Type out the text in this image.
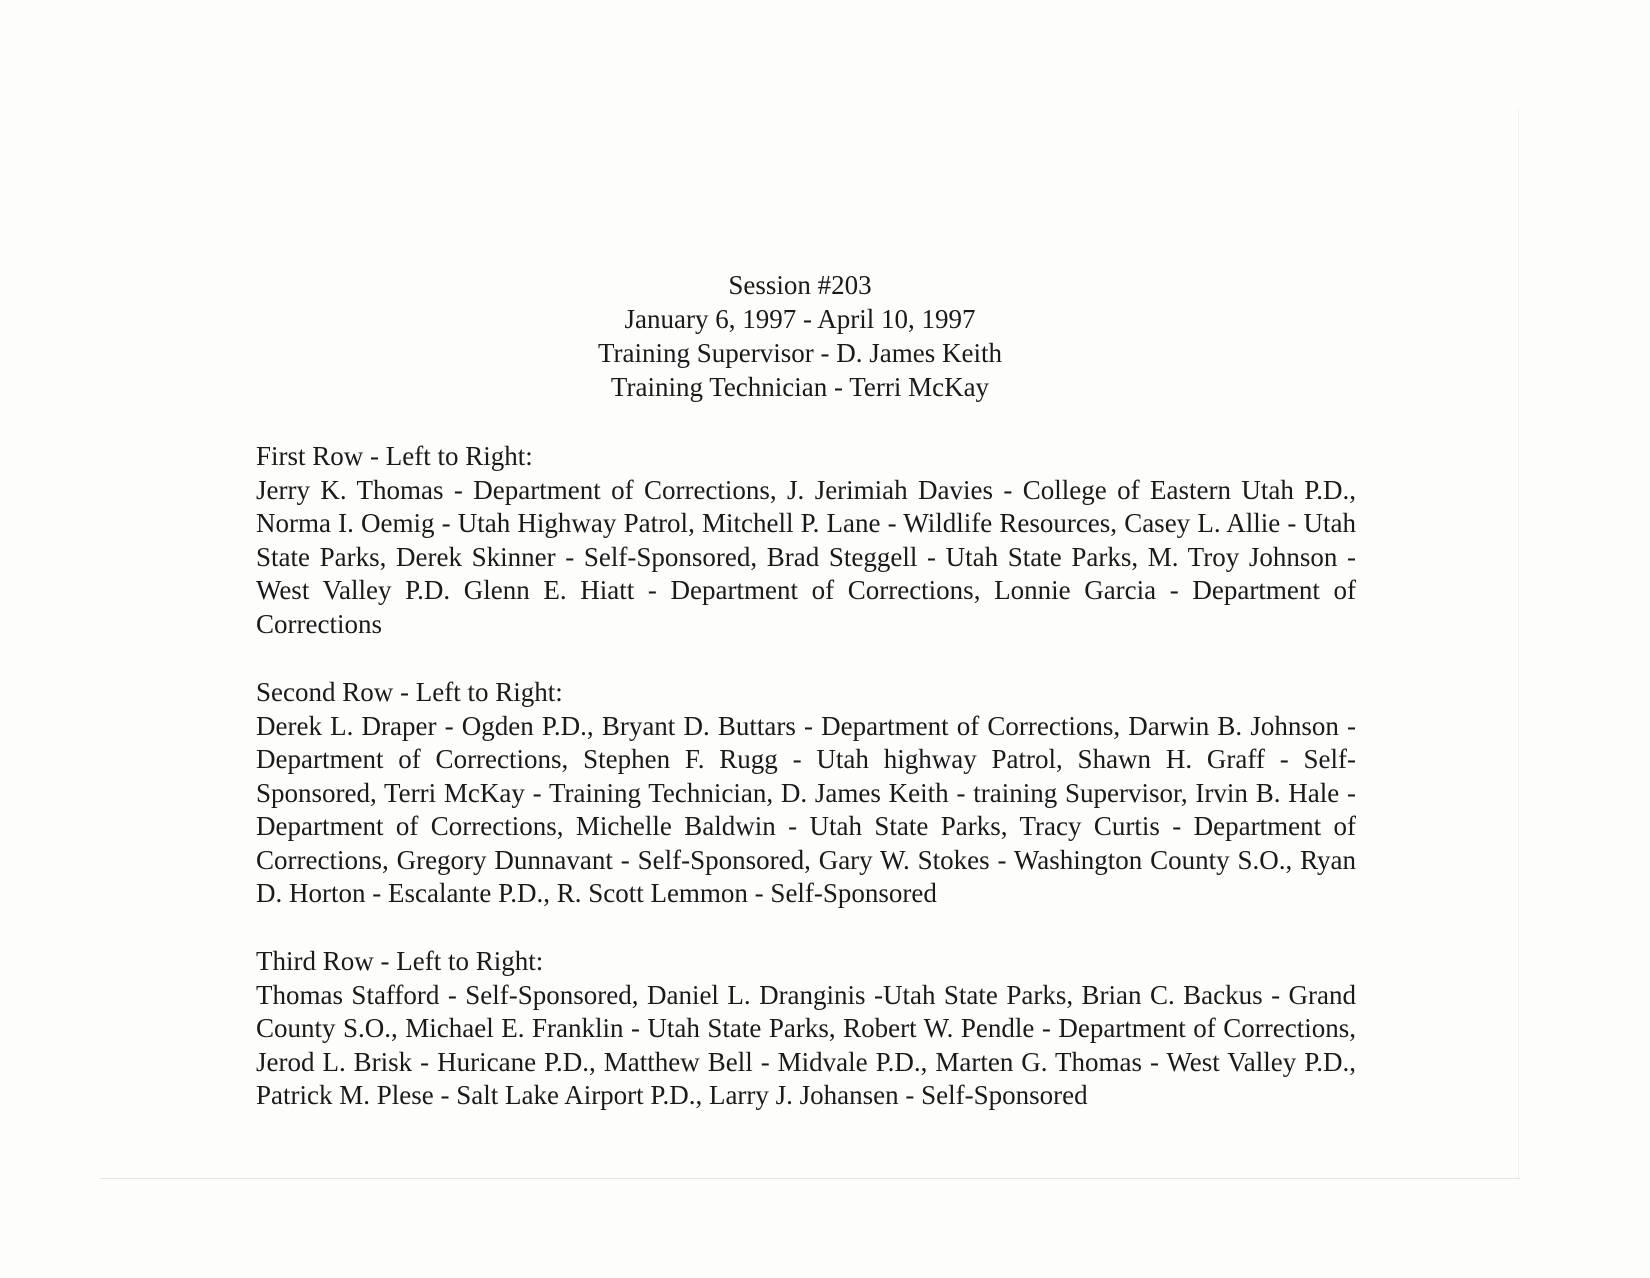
Session #203
January 6, 1997 - April 10, 1997
Training Supervisor - D. James Keith
Training Technician - Terri McKay
First Row - Left to Right:
Jerry K. Thomas - Department of Corrections, J. Jerimiah Davies - College of Eastern Utah P.D., Norma I. Oemig - Utah Highway Patrol, Mitchell P. Lane - Wildlife Resources, Casey L. Allie - Utah State Parks, Derek Skinner - Self-Sponsored, Brad Steggell - Utah State Parks, M. Troy Johnson - West Valley P.D. Glenn E. Hiatt - Department of Corrections, Lonnie Garcia - Department of Corrections
Second Row - Left to Right:
Derek L. Draper - Ogden P.D., Bryant D. Buttars - Department of Corrections, Darwin B. Johnson - Department of Corrections, Stephen F. Rugg - Utah highway Patrol, Shawn H. Graff - Self-Sponsored, Terri McKay - Training Technician, D. James Keith - training Supervisor, Irvin B. Hale - Department of Corrections, Michelle Baldwin - Utah State Parks, Tracy Curtis - Department of Corrections, Gregory Dunnavant - Self-Sponsored, Gary W. Stokes - Washington County S.O., Ryan D. Horton - Escalante P.D., R. Scott Lemmon - Self-Sponsored
Third Row - Left to Right:
Thomas Stafford - Self-Sponsored, Daniel L. Dranginis -Utah State Parks, Brian C. Backus - Grand County S.O., Michael E. Franklin - Utah State Parks, Robert W. Pendle - Department of Corrections, Jerod L. Brisk - Huricane P.D., Matthew Bell - Midvale P.D., Marten G. Thomas - West Valley P.D., Patrick M. Plese - Salt Lake Airport P.D., Larry J. Johansen - Self-Sponsored
